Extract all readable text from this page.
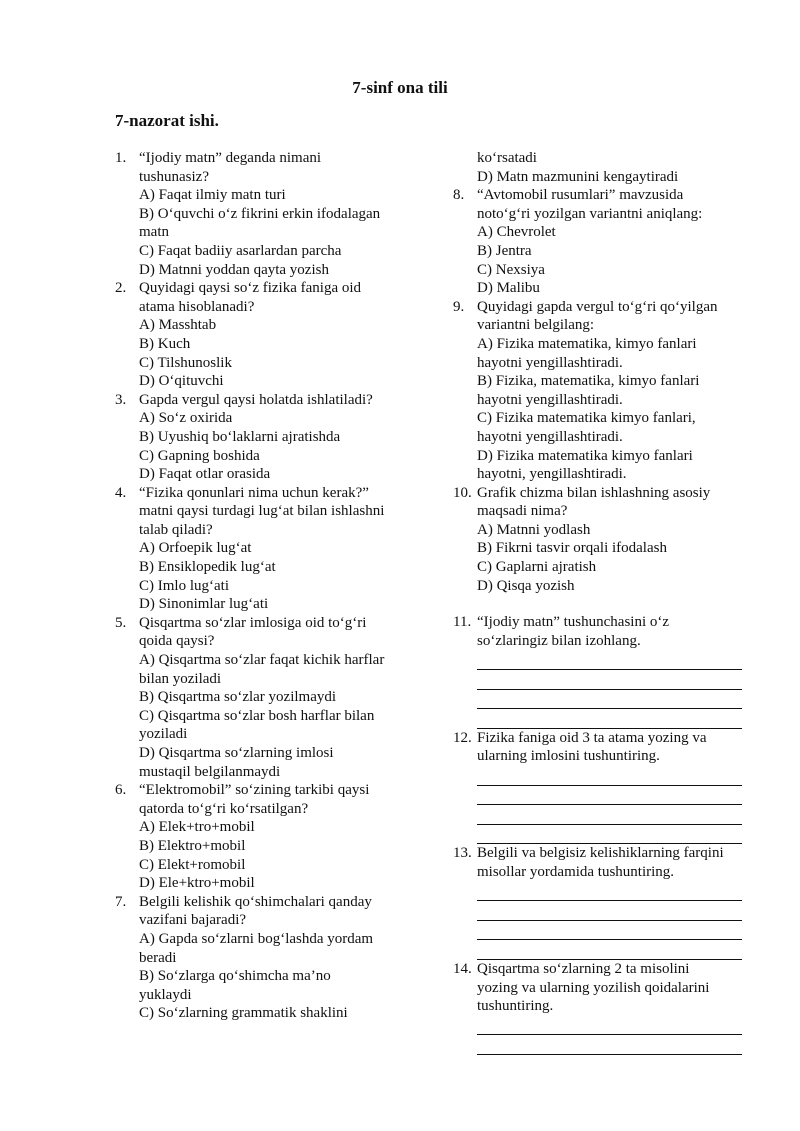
7-sinf ona tili
7-nazorat ishi.
1. “Ijodiy matn” deganda nimani
tushunasiz?
A) Faqat ilmiy matn turi
B) O‘quvchi o‘z fikrini erkin ifodalagan
matn
C) Faqat badiiy asarlardan parcha
D) Matnni yoddan qayta yozish
2. Quyidagi qaysi so‘z fizika faniga oid
atama hisoblanadi?
A) Masshtab
B) Kuch
C) Tilshunoslik
D) O‘qituvchi
3. Gapda vergul qaysi holatda ishlatiladi?
A) So‘z oxirida
B) Uyushiq bo‘laklarni ajratishda
C) Gapning boshida
D) Faqat otlar orasida
4. “Fizika qonunlari nima uchun kerak?”
matni qaysi turdagi lug‘at bilan ishlashni
talab qiladi?
A) Orfoepik lug‘at
B) Ensiklopedik lug‘at
C) Imlo lug‘ati
D) Sinonimlar lug‘ati
5. Qisqartma so‘zlar imlosiga oid to‘g‘ri
qoida qaysi?
A) Qisqartma so‘zlar faqat kichik harflar
bilan yoziladi
B) Qisqartma so‘zlar yozilmaydi
C) Qisqartma so‘zlar bosh harflar bilan
yoziladi
D) Qisqartma so‘zlarning imlosi
mustaqil belgilanmaydi
6. “Elektromobil” so‘zining tarkibi qaysi
qatorda to‘g‘ri ko‘rsatilgan?
A) Elek+tro+mobil
B) Elektro+mobil
C) Elekt+romobil
D) Ele+ktro+mobil
7. Belgili kelishik qo‘shimchalari qanday
vazifani bajaradi?
A) Gapda so‘zlarni bog‘lashda yordam
beradi
B) So‘zlarga qo‘shimcha ma’no
yuklaydi
C) So‘zlarning grammatik shaklini
ko‘rsatadi
D) Matn mazmunini kengaytiradi
8. “Avtomobil rusumlari” mavzusida
noto‘g‘ri yozilgan variantni aniqlang:
A) Chevrolet
B) Jentra
C) Nexsiya
D) Malibu
9. Quyidagi gapda vergul to‘g‘ri qo‘yilgan
variantni belgilang:
A) Fizika matematika, kimyo fanlari
hayotni yengillashtiradi.
B) Fizika, matematika, kimyo fanlari
hayotni yengillashtiradi.
C) Fizika matematika kimyo fanlari,
hayotni yengillashtiradi.
D) Fizika matematika kimyo fanlari
hayotni, yengillashtiradi.
10. Grafik chizma bilan ishlashning asosiy
maqsadi nima?
A) Matnni yodlash
B) Fikrni tasvir orqali ifodalash
C) Gaplarni ajratish
D) Qisqa yozish
11. “Ijodiy matn” tushunchasini o‘z
so‘zlaringiz bilan izohlang.
12. Fizika faniga oid 3 ta atama yozing va
ularning imlosini tushuntiring.
13. Belgili va belgisiz kelishiklarning farqini
misollar yordamida tushuntiring.
14. Qisqartma so‘zlarning 2 ta misolini
yozing va ularning yozilish qoidalarini
tushuntiring.
